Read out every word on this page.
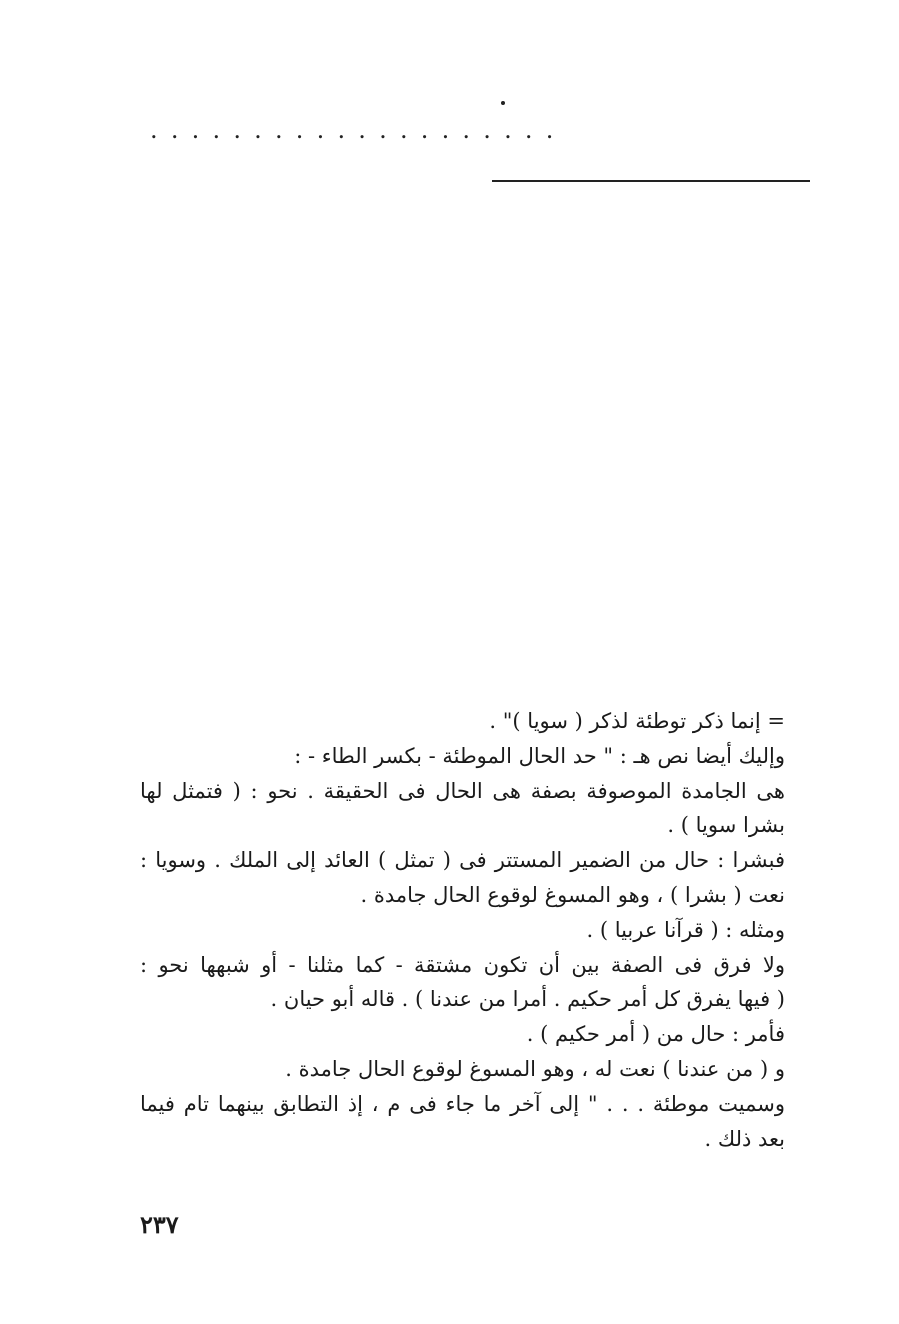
....................
= إنما ذكر توطئة لذكر ( سويا )" .
وإليك أيضا نص هـ : " حد الحال الموطئة - بكسر الطاء - :
هى الجامدة الموصوفة بصفة هى الحال فى الحقيقة . نحو : ( فتمثل لها
بشرا سويا ) .
فبشرا : حال من الضمير المستتر فى ( تمثل ) العائد إلى الملك . وسويا :
نعت ( بشرا ) ، وهو المسوغ لوقوع الحال جامدة .
ومثله : ( قرآنا عربيا ) .
ولا فرق فى الصفة بين أن تكون مشتقة - كما مثلنا - أو شبهها نحو :
( فيها يفرق كل أمر حكيم . أمرا من عندنا ) . قاله أبو حيان .
فأمر : حال من ( أمر حكيم ) .
و ( من عندنا ) نعت له ، وهو المسوغ لوقوع الحال جامدة .
وسميت موطئة . . . " إلى آخر ما جاء فى م ، إذ التطابق بينهما تام فيما
بعد ذلك .
٢٣٧
